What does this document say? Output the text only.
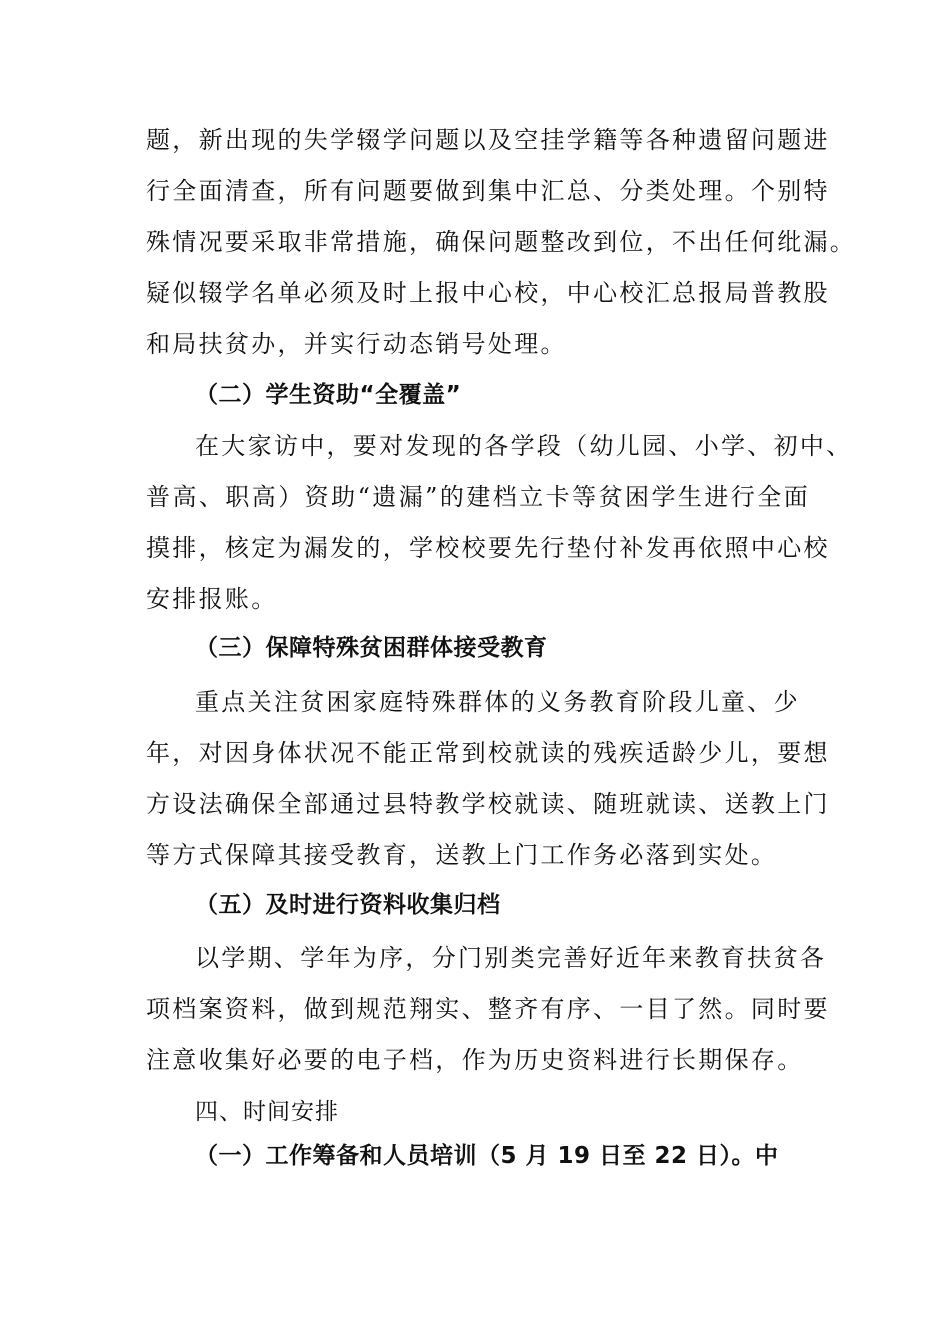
题，新出现的失学辍学问题以及空挂学籍等各种遗留问题进
行全面清查，所有问题要做到集中汇总、分类处理。个别特
殊情况要采取非常措施，确保问题整改到位，不出任何纰漏。
疑似辍学名单必须及时上报中心校，中心校汇总报局普教股
和局扶贫办，并实行动态销号处理。
（二）学生资助“全覆盖”
在大家访中，要对发现的各学段（幼儿园、小学、初中、
普高、职高）资助“遗漏”的建档立卡等贫困学生进行全面
摸排，核定为漏发的，学校校要先行垫付补发再依照中心校
安排报账。
（三）保障特殊贫困群体接受教育
重点关注贫困家庭特殊群体的义务教育阶段儿童、少
年，对因身体状况不能正常到校就读的残疾适龄少儿，要想
方设法确保全部通过县特教学校就读、随班就读、送教上门
等方式保障其接受教育，送教上门工作务必落到实处。
（五）及时进行资料收集归档
以学期、学年为序，分门别类完善好近年来教育扶贫各
项档案资料，做到规范翔实、整齐有序、一目了然。同时要
注意收集好必要的电子档，作为历史资料进行长期保存。
四、时间安排
（一）工作筹备和人员培训（5 月 19 日至 22 日）。中
